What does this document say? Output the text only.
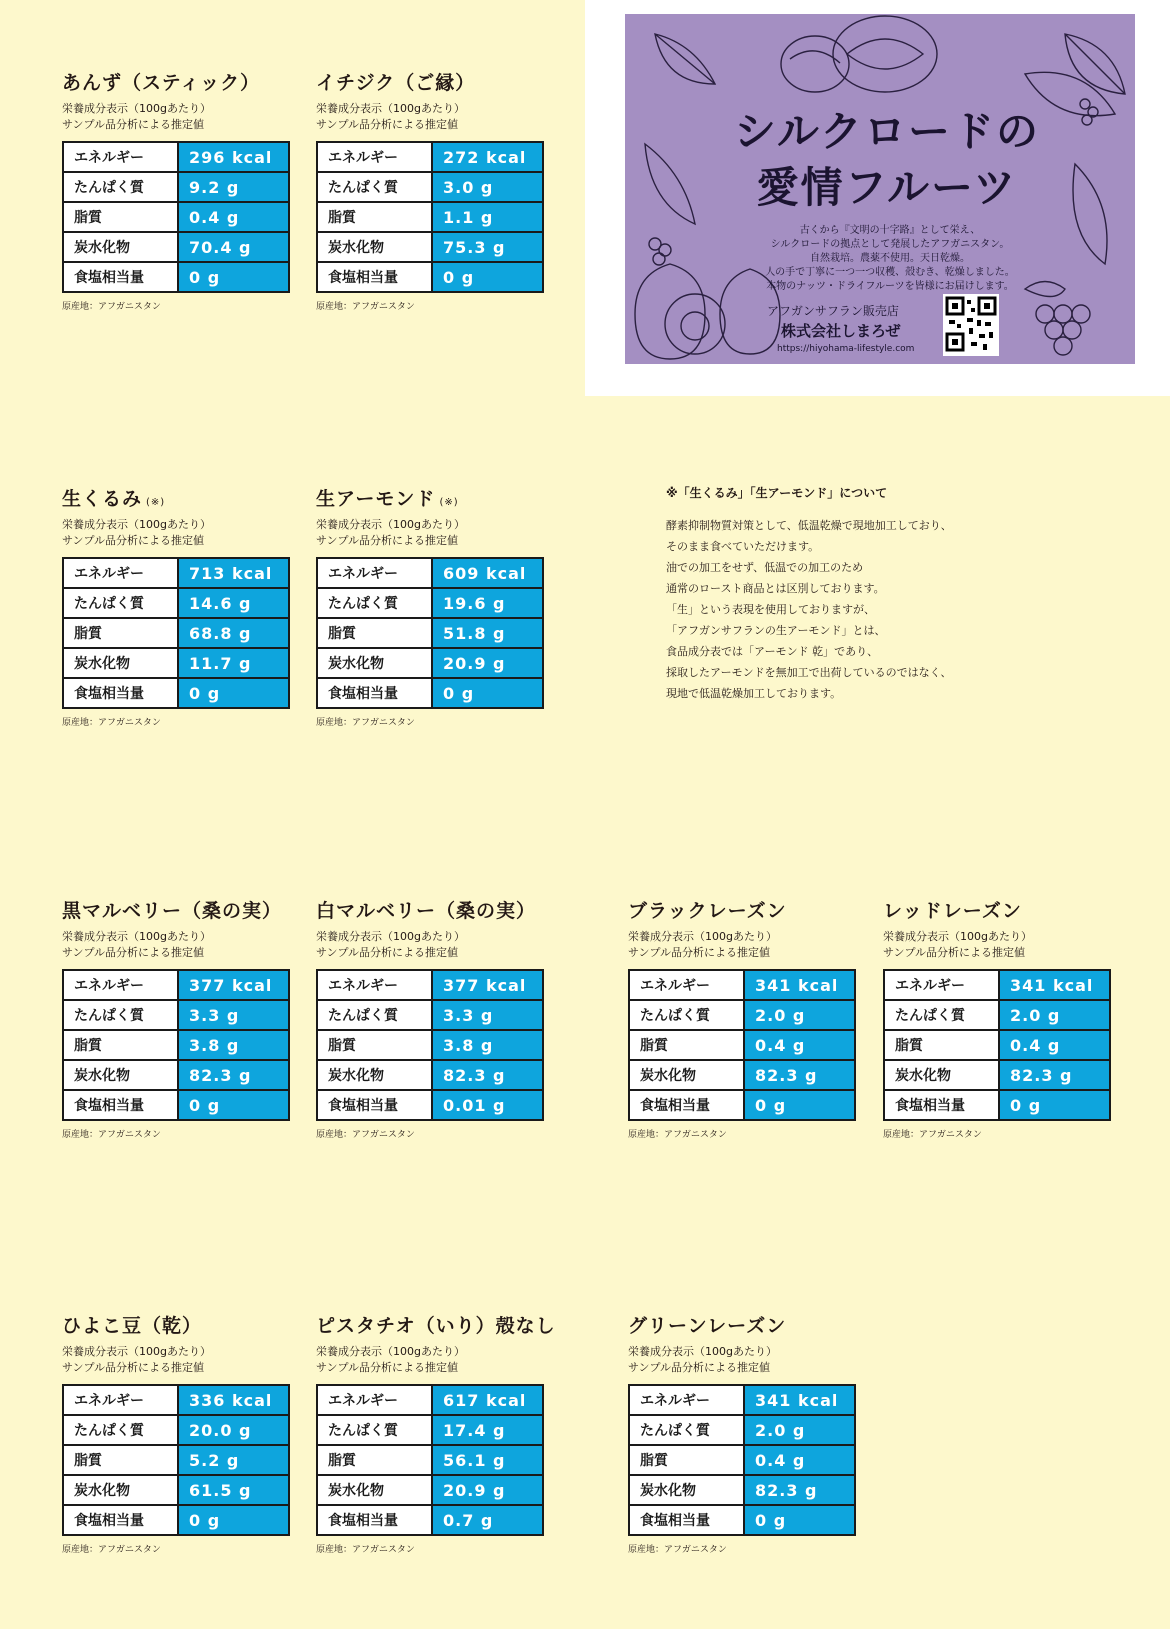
シルクロードの
愛情フルーツ
古くから『文明の十字路』として栄え、
シルクロードの拠点として発展したアフガニスタン。
自然栽培。農薬不使用。天日乾燥。
人の手で丁寧に一つ一つ収穫、殻むき、乾燥しました。
本物のナッツ・ドライフルーツを皆様にお届けします。
アフガンサフラン販売店
株式会社しまろぜ
https://hiyohama-lifestyle.com
※「生くるみ」「生アーモンド」について

酵素抑制物質対策として、低温乾燥で現地加工しており、

そのまま食べていただけます。

油での加工をせず、低温での加工のため

通常のロースト商品とは区別しております。

「生」という表現を使用しておりますが、

「アフガンサフランの生アーモンド」とは、

食品成分表では「アーモンド 乾」であり、

採取したアーモンドを無加工で出荷しているのではなく、

現地で低温乾燥加工しております。

あんず（スティック）
栄養成分表示（100gあたり）
サンプル品分析による推定値
エネルギー	296 kcal
たんぱく質	9.2 g
脂質	0.4 g
炭水化物	70.4 g
食塩相当量	0 g
原産地：アフガニスタン
イチジク（ご縁）
栄養成分表示（100gあたり）
サンプル品分析による推定値
エネルギー	272 kcal
たんぱく質	3.0 g
脂質	1.1 g
炭水化物	75.3 g
食塩相当量	0 g
原産地：アフガニスタン
生くるみ (※)
栄養成分表示（100gあたり）
サンプル品分析による推定値
エネルギー	713 kcal
たんぱく質	14.6 g
脂質	68.8 g
炭水化物	11.7 g
食塩相当量	0 g
原産地：アフガニスタン
生アーモンド (※)
栄養成分表示（100gあたり）
サンプル品分析による推定値
エネルギー	609 kcal
たんぱく質	19.6 g
脂質	51.8 g
炭水化物	20.9 g
食塩相当量	0 g
原産地：アフガニスタン
黒マルベリー（桑の実）
栄養成分表示（100gあたり）
サンプル品分析による推定値
エネルギー	377 kcal
たんぱく質	3.3 g
脂質	3.8 g
炭水化物	82.3 g
食塩相当量	0 g
原産地：アフガニスタン
白マルベリー（桑の実）
栄養成分表示（100gあたり）
サンプル品分析による推定値
エネルギー	377 kcal
たんぱく質	3.3 g
脂質	3.8 g
炭水化物	82.3 g
食塩相当量	0.01 g
原産地：アフガニスタン
ブラックレーズン
栄養成分表示（100gあたり）
サンプル品分析による推定値
エネルギー	341 kcal
たんぱく質	2.0 g
脂質	0.4 g
炭水化物	82.3 g
食塩相当量	0 g
原産地：アフガニスタン
レッドレーズン
栄養成分表示（100gあたり）
サンプル品分析による推定値
エネルギー	341 kcal
たんぱく質	2.0 g
脂質	0.4 g
炭水化物	82.3 g
食塩相当量	0 g
原産地：アフガニスタン
ひよこ豆（乾）
栄養成分表示（100gあたり）
サンプル品分析による推定値
エネルギー	336 kcal
たんぱく質	20.0 g
脂質	5.2 g
炭水化物	61.5 g
食塩相当量	0 g
原産地：アフガニスタン
ピスタチオ（いり）殻なし
栄養成分表示（100gあたり）
サンプル品分析による推定値
エネルギー	617 kcal
たんぱく質	17.4 g
脂質	56.1 g
炭水化物	20.9 g
食塩相当量	0.7 g
原産地：アフガニスタン
グリーンレーズン
栄養成分表示（100gあたり）
サンプル品分析による推定値
エネルギー	341 kcal
たんぱく質	2.0 g
脂質	0.4 g
炭水化物	82.3 g
食塩相当量	0 g
原産地：アフガニスタン
